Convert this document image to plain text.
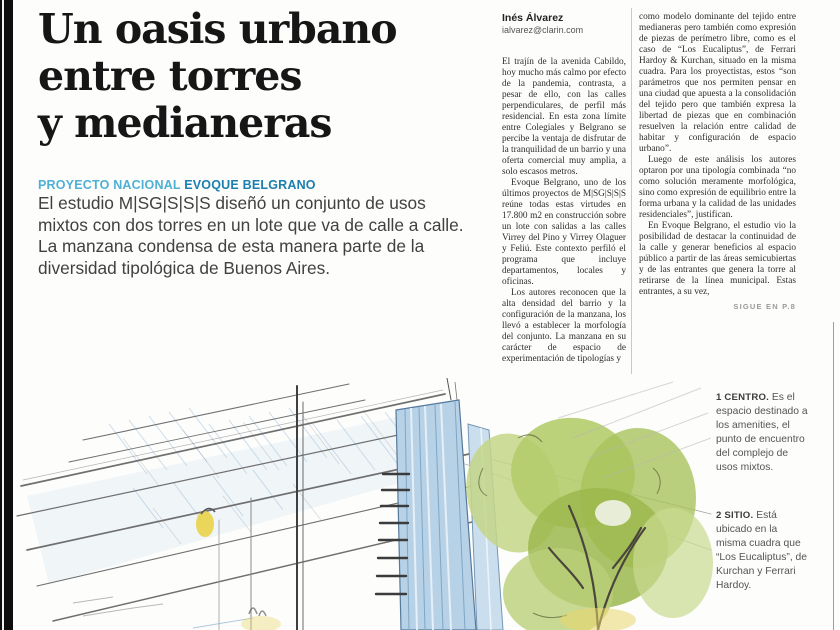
Un oasis urbano
entre torres
y medianeras
PROYECTO NACIONAL EVOQUE BELGRANO

El estudio M|SG|S|S|S diseñó un conjunto de usos mixtos con dos torres en un lote que va de calle a calle. La manzana condensa de esta manera parte de la diversidad tipológica de Buenos Aires.

Inés Álvarez
ialvarez@clarin.com

El trajín de la avenida Cabildo, hoy mucho más calmo por efecto de la pandemia, contrasta, a pesar de ello, con las calles perpendiculares, de perfil más residencial. En esta zona límite entre Colegiales y Belgrano se percibe la ventaja de disfrutar de la tranquilidad de un barrio y una oferta comercial muy amplia, a solo escasos metros.

Evoque Belgrano, uno de los últimos proyectos de M|SG|S|S|S reúne todas estas virtudes en 17.800 m2 en construcción sobre un lote con salidas a las calles Virrey del Pino y Virrey Olaguer y Feliú. Este contexto perfiló el programa que incluye departamentos, locales y oficinas.

Los autores reconocen que la alta densidad del barrio y la configuración de la manzana, los llevó a establecer la morfología del conjunto. La manzana en su carácter de espacio de experimentación de tipologías y

como modelo dominante del tejido entre medianeras pero también como expresión de piezas de perímetro libre, como es el caso de “Los Eucaliptus”, de Ferrari Hardoy & Kurchan, situado en la misma cuadra. Para los proyectistas, estos “son parámetros que nos permiten pensar en una ciudad que apuesta a la consolidación del tejido pero que también expresa la libertad de piezas que en combinación resuelven la relación entre calidad de habitar y configuración de espacio urbano”.

Luego de este análisis los autores optaron por una tipología combinada “no como solución meramente morfológica, sino como expresión de equilibrio entre la forma urbana y la calidad de las unidades residenciales”, justifican.

En Evoque Belgrano, el estudio vio la posibilidad de destacar la continuidad de la calle y generar beneficios al espacio público a partir de las áreas semicubiertas y de las entrantes que genera la torre al retirarse de la línea municipal. Estas entrantes, a su vez,

SIGUE EN P.8
1 CENTRO. Es el espacio destinado a los amenities, el punto de encuentro del complejo de usos mixtos.
2 SITIO. Está ubicado en la misma cuadra que “Los Eucaliptus”, de Kurchan y Ferrari Hardoy.
